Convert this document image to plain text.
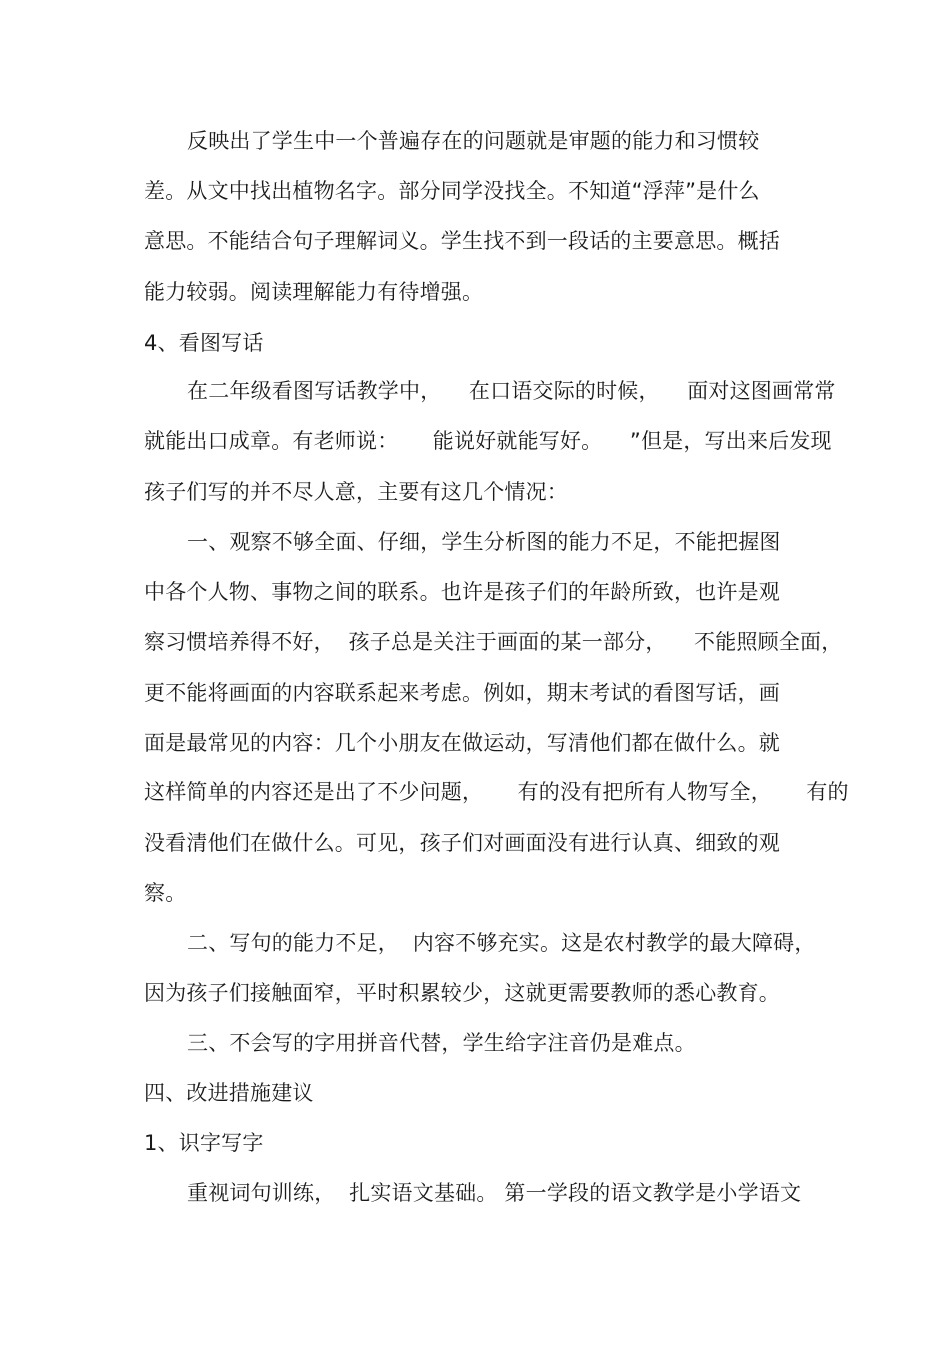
反映出了学生中一个普遍存在的问题就是审题的能力和习惯较
差。从文中找出植物名字。部分同学没找全。不知道“浮萍”是什么
意思。不能结合句子理解词义。学生找不到一段话的主要意思。概括
能力较弱。阅读理解能力有待增强。
4、看图写话
在二年级看图写话教学中，    在口语交际的时候，    面对这图画常常
就能出口成章。有老师说：     能说好就能写好。    ”但是，写出来后发现
孩子们写的并不尽人意，主要有这几个情况：
一、观察不够全面、仔细，学生分析图的能力不足，不能把握图
中各个人物、事物之间的联系。也许是孩子们的年龄所致，也许是观
察习惯培养得不好，  孩子总是关注于画面的某一部分，    不能照顾全面，
更不能将画面的内容联系起来考虑。例如，期末考试的看图写话，画
面是最常见的内容：几个小朋友在做运动，写清他们都在做什么。就
这样简单的内容还是出了不少问题，     有的没有把所有人物写全，     有的
没看清他们在做什么。可见，孩子们对画面没有进行认真、细致的观
察。
二、写句的能力不足，  内容不够充实。这是农村教学的最大障碍，
因为孩子们接触面窄，平时积累较少，这就更需要教师的悉心教育。
三、不会写的字用拼音代替，学生给字注音仍是难点。
四、改进措施建议
1、识字写字
重视词句训练，  扎实语文基础。 第一学段的语文教学是小学语文
